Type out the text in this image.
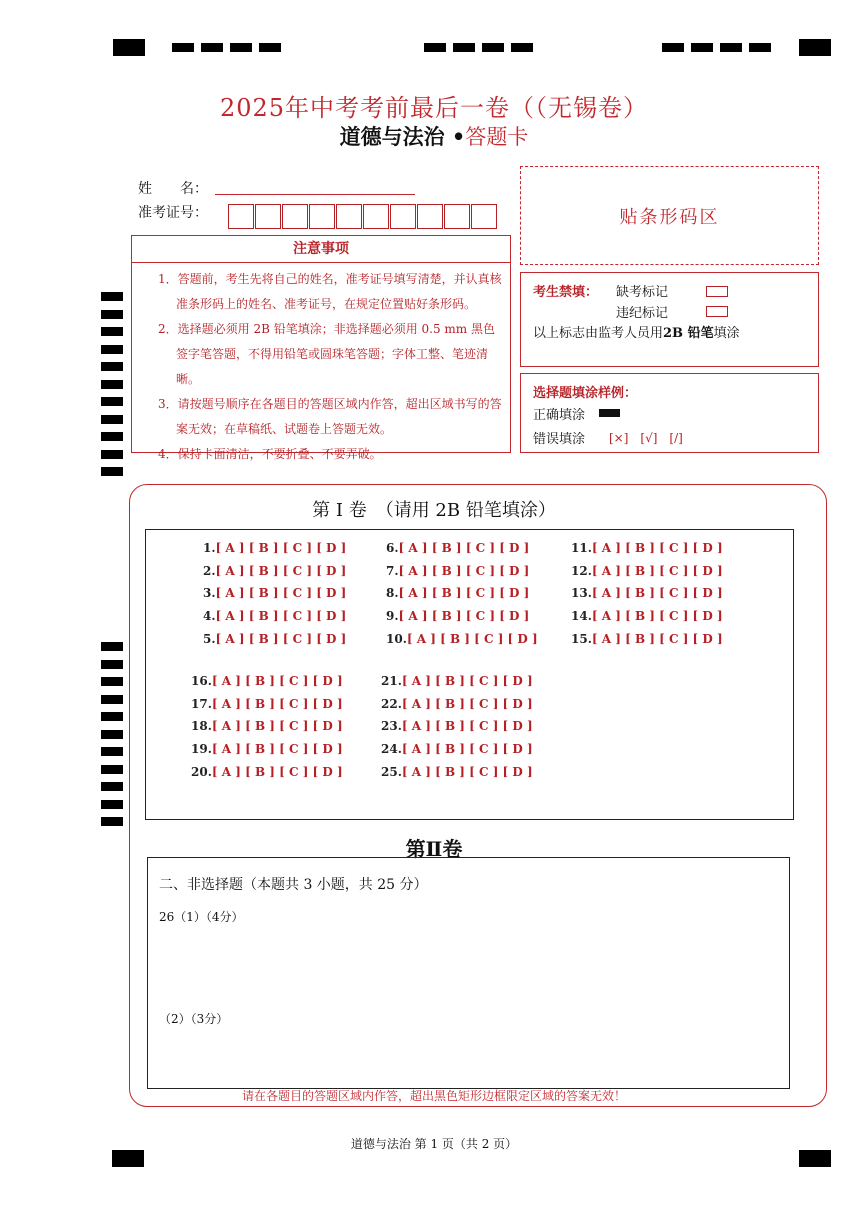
2025年中考考前最后一卷（（无锡卷）
道德与法治 •答题卡
姓　　名：
准考证号：
注意事项
1．答题前，考生先将自己的姓名，准考证号填写清楚，并认真核准条形码上的姓名、准考证号，在规定位置贴好条形码。
2．选择题必须用 2B 铅笔填涂；非选择题必须用 0.5 mm 黑色签字笔答题，不得用铅笔或圆珠笔答题；字体工整、笔迹清晰。
3．请按题号顺序在各题目的答题区域内作答，超出区域书写的答案无效；在草稿纸、试题卷上答题无效。
4．保持卡面清洁，不要折叠、不要弄破。
贴条形码区
考生禁填： 缺考标记
违纪标记
以上标志由监考人员用2B 铅笔填涂
选择题填涂样例：
正确填涂
错误填涂 [×]　[√]　[/]
第 Ⅰ 卷　（请用 2B 铅笔填涂）
1.[ A ] [ B ] [ C ] [ D ]
2.[ A ] [ B ] [ C ] [ D ]
3.[ A ] [ B ] [ C ] [ D ]
4.[ A ] [ B ] [ C ] [ D ]
5.[ A ] [ B ] [ C ] [ D ]
6.[ A ] [ B ] [ C ] [ D ]
7.[ A ] [ B ] [ C ] [ D ]
8.[ A ] [ B ] [ C ] [ D ]
9.[ A ] [ B ] [ C ] [ D ]
10.[ A ] [ B ] [ C ] [ D ]
11.[ A ] [ B ] [ C ] [ D ]
12.[ A ] [ B ] [ C ] [ D ]
13.[ A ] [ B ] [ C ] [ D ]
14.[ A ] [ B ] [ C ] [ D ]
15.[ A ] [ B ] [ C ] [ D ]
16.[ A ] [ B ] [ C ] [ D ]
17.[ A ] [ B ] [ C ] [ D ]
18.[ A ] [ B ] [ C ] [ D ]
19.[ A ] [ B ] [ C ] [ D ]
20.[ A ] [ B ] [ C ] [ D ]
21.[ A ] [ B ] [ C ] [ D ]
22.[ A ] [ B ] [ C ] [ D ]
23.[ A ] [ B ] [ C ] [ D ]
24.[ A ] [ B ] [ C ] [ D ]
25.[ A ] [ B ] [ C ] [ D ]
第Ⅱ卷
二、非选择题（本题共 3 小题，共 25 分）
26（1）（4分）
（2）（3分）
请在各题目的答题区域内作答，超出黑色矩形边框限定区域的答案无效！
道德与法治 第 1 页（共 2 页）
